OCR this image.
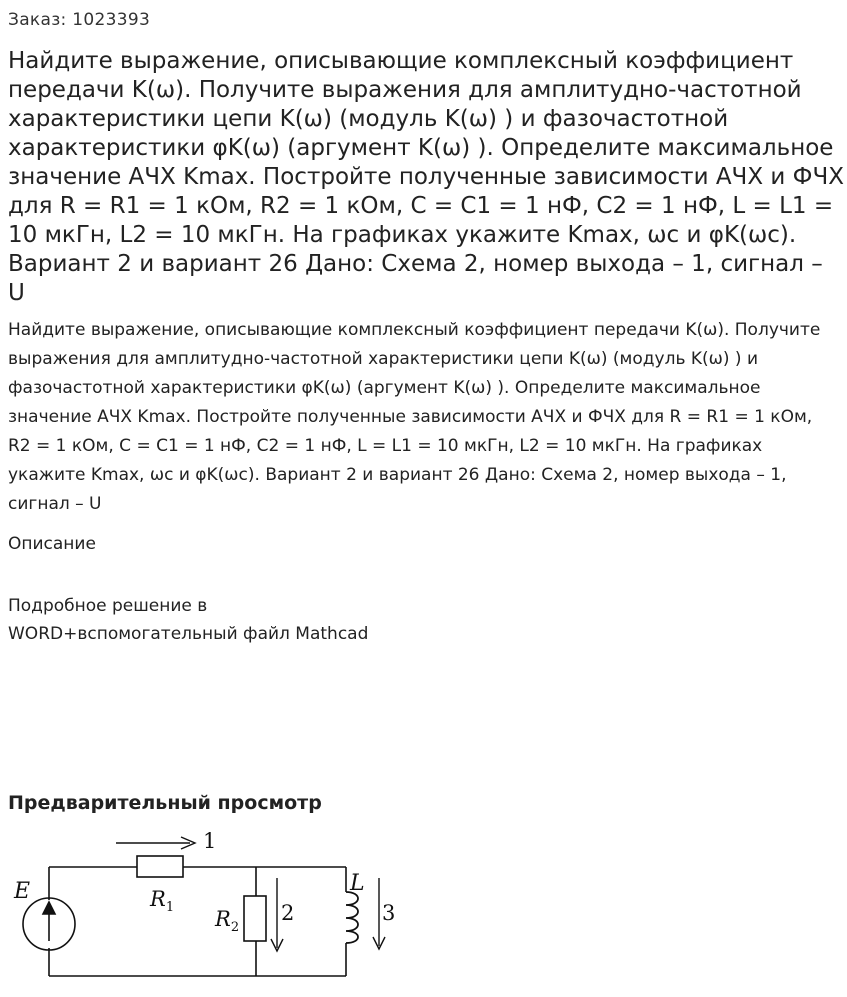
Заказ: 1023393
Найдите выражение, описывающие комплексный коэффициент передачи K(ω). Получите выражения для амплитудно-частотной характеристики цепи K(ω) (модуль K(ω) ) и фазочастотной характеристики φK(ω) (аргумент K(ω) ). Определите максимальное значение АЧХ Kmax. Постройте полученные зависимости АЧХ и ФЧХ для R = R1 = 1 кОм, R2 = 1 кОм, C = C1 = 1 нФ, C2 = 1 нФ, L = L1 = 10 мкГн, L2 = 10 мкГн. На графиках укажите Kmax, ωc и φK(ωc). Вариант 2 и вариант 26 Дано: Схема 2, номер выхода – 1, сигнал – U
Найдите выражение, описывающие комплексный коэффициент передачи K(ω). Получите выражения для амплитудно-частотной характеристики цепи K(ω) (модуль K(ω) ) и фазочастотной характеристики φK(ω) (аргумент K(ω) ). Определите максимальное значение АЧХ Kmax. Постройте полученные зависимости АЧХ и ФЧХ для R = R1 = 1 кОм, R2 = 1 кОм, C = C1 = 1 нФ, C2 = 1 нФ, L = L1 = 10 мкГн, L2 = 10 мкГн. На графиках укажите Kmax, ωc и φK(ωc). Вариант 2 и вариант 26 Дано: Схема 2, номер выхода – 1, сигнал – U
Описание
Подробное решение в
WORD+вспомогательный файл Mathcad
Предварительный просмотр
E	$R_1$
1
$R_2$
2
L
3
